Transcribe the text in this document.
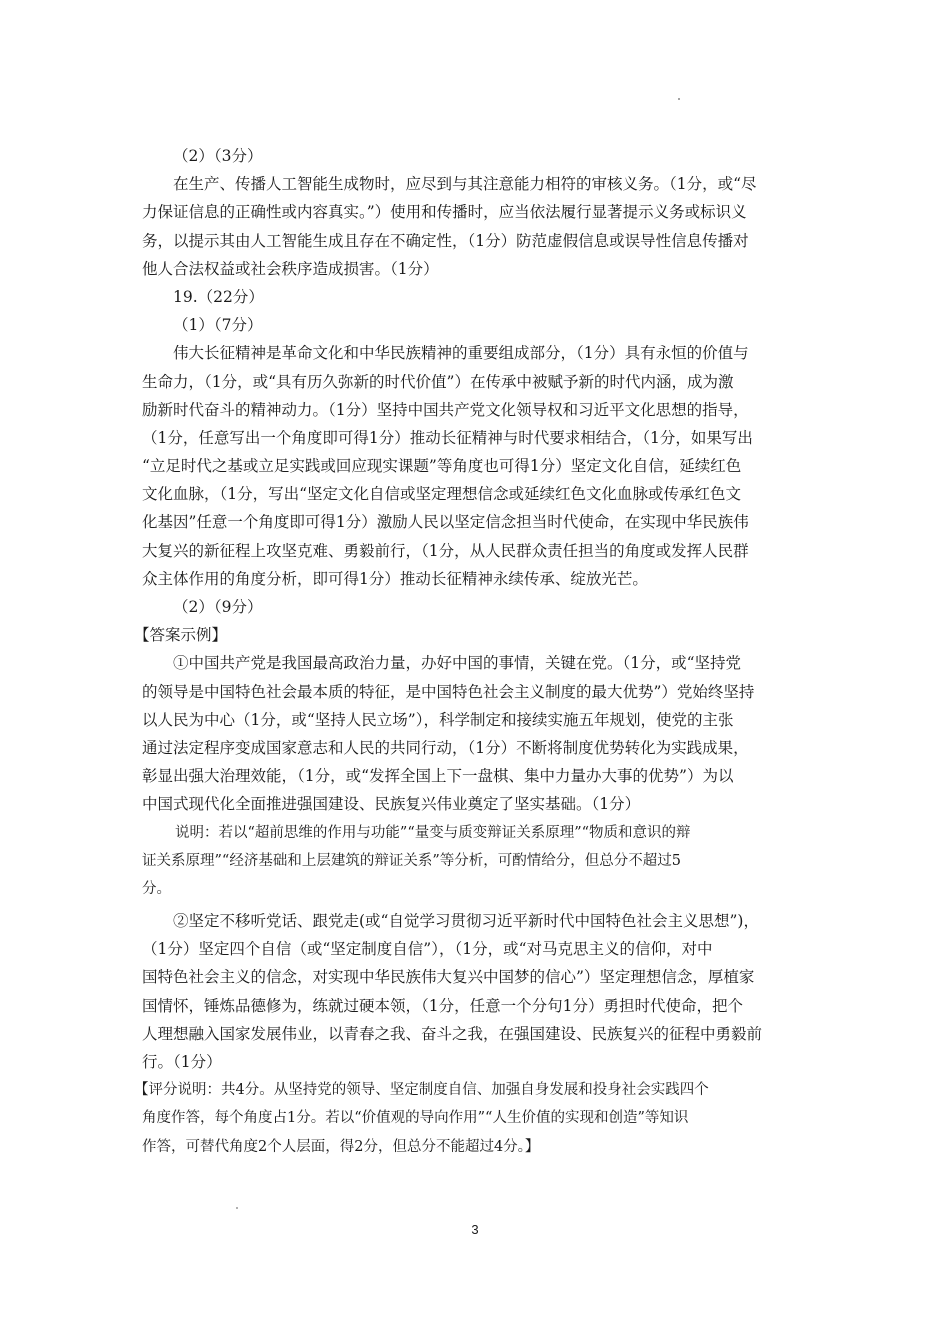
（2）（3分）
在生产、传播人工智能生成物时，应尽到与其注意能力相符的审核义务。（1分，或“尽
力保证信息的正确性或内容真实。”）使用和传播时，应当依法履行显著提示义务或标识义
务，以提示其由人工智能生成且存在不确定性，（1分）防范虚假信息或误导性信息传播对
他人合法权益或社会秩序造成损害。（1分）
19.（22分）
（1）（7分）
伟大长征精神是革命文化和中华民族精神的重要组成部分，（1分）具有永恒的价值与
生命力，（1分，或“具有历久弥新的时代价值”）在传承中被赋予新的时代内涵，成为激
励新时代奋斗的精神动力。（1分）坚持中国共产党文化领导权和习近平文化思想的指导，
（1分，任意写出一个角度即可得1分）推动长征精神与时代要求相结合，（1分，如果写出
“立足时代之基或立足实践或回应现实课题”等角度也可得1分）坚定文化自信，延续红色
文化血脉，（1分，写出“坚定文化自信或坚定理想信念或延续红色文化血脉或传承红色文
化基因”任意一个角度即可得1分）激励人民以坚定信念担当时代使命，在实现中华民族伟
大复兴的新征程上攻坚克难、勇毅前行，（1分，从人民群众责任担当的角度或发挥人民群
众主体作用的角度分析，即可得1分）推动长征精神永续传承、绽放光芒。
（2）（9分）
【答案示例】
①中国共产党是我国最高政治力量，办好中国的事情，关键在党。（1分，或“坚持党
的领导是中国特色社会最本质的特征，是中国特色社会主义制度的最大优势”）党始终坚持
以人民为中心（1分，或“坚持人民立场”），科学制定和接续实施五年规划，使党的主张
通过法定程序变成国家意志和人民的共同行动，（1分）不断将制度优势转化为实践成果，
彰显出强大治理效能，（1分，或“发挥全国上下一盘棋、集中力量办大事的优势”）为以
中国式现代化全面推进强国建设、民族复兴伟业奠定了坚实基础。（1分）
说明：若以“超前思维的作用与功能”“量变与质变辩证关系原理”“物质和意识的辩
证关系原理”“经济基础和上层建筑的辩证关系”等分析，可酌情给分，但总分不超过5
分。
②坚定不移听党话、跟党走(或“自觉学习贯彻习近平新时代中国特色社会主义思想”)，
（1分）坚定四个自信（或“坚定制度自信”），（1分，或“对马克思主义的信仰，对中
国特色社会主义的信念，对实现中华民族伟大复兴中国梦的信心”）坚定理想信念，厚植家
国情怀，锤炼品德修为，练就过硬本领，（1分，任意一个分句1分）勇担时代使命，把个
人理想融入国家发展伟业，以青春之我、奋斗之我，在强国建设、民族复兴的征程中勇毅前
行。（1分）
【评分说明：共4分。从坚持党的领导、坚定制度自信、加强自身发展和投身社会实践四个
角度作答，每个角度占1分。若以“价值观的导向作用”“人生价值的实现和创造”等知识
作答，可替代角度2个人层面，得2分，但总分不能超过4分。】
3
